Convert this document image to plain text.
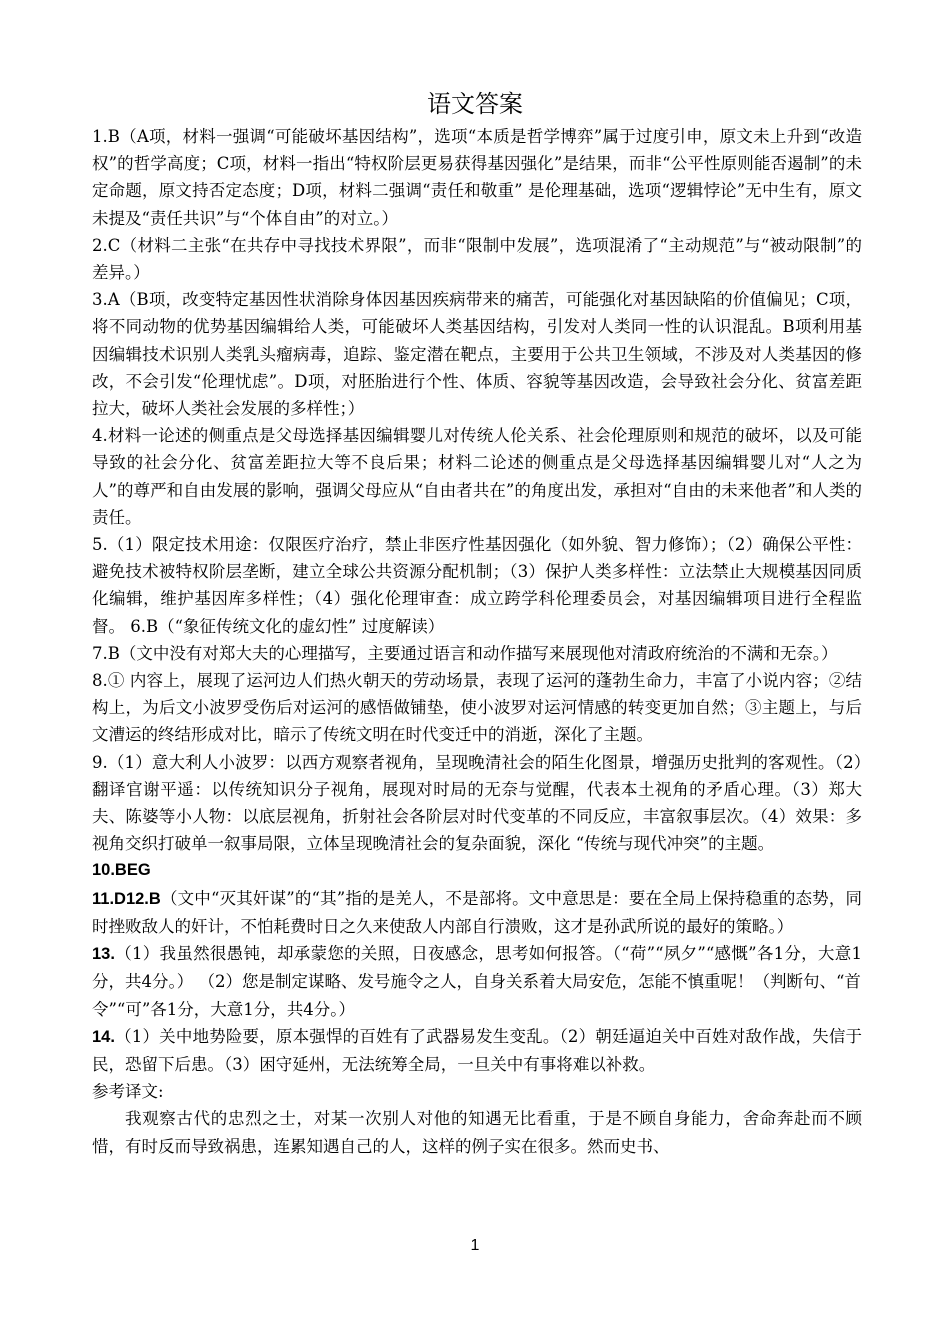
语文答案

1.B（A项，材料一强调“可能破坏基因结构”，选项“本质是哲学博弈”属于过度引申，原文未上升到“改造权”的哲学高度；C项，材料一指出“特权阶层更易获得基因强化”是结果，而非“公平性原则能否遏制”的未定命题，原文持否定态度；D项，材料二强调“责任和敬重” 是伦理基础，选项“逻辑悖论”无中生有，原文未提及“责任共识”与“个体自由”的对立。）

2.C（材料二主张“在共存中寻找技术界限”，而非“限制中发展”，选项混淆了“主动规范”与“被动限制”的差异。）

3.A（B项，改变特定基因性状消除身体因基因疾病带来的痛苦，可能强化对基因缺陷的价值偏见；C项，将不同动物的优势基因编辑给人类，可能破坏人类基因结构，引发对人类同一性的认识混乱。B项利用基因编辑技术识别人类乳头瘤病毒，追踪、鉴定潜在靶点，主要用于公共卫生领域，不涉及对人类基因的修改，不会引发“伦理忧虑”。D项，对胚胎进行个性、体质、容貌等基因改造，会导致社会分化、贫富差距拉大，破坏人类社会发展的多样性；）

4.材料一论述的侧重点是父母选择基因编辑婴儿对传统人伦关系、社会伦理原则和规范的破坏，以及可能导致的社会分化、贫富差距拉大等不良后果；材料二论述的侧重点是父母选择基因编辑婴儿对“人之为人”的尊严和自由发展的影响，强调父母应从“自由者共在”的角度出发，承担对“自由的未来他者”和人类的责任。

5.（1）限定技术用途：仅限医疗治疗，禁止非医疗性基因强化（如外貌、智力修饰）；（2）确保公平性：避免技术被特权阶层垄断，建立全球公共资源分配机制；（3）保护人类多样性：立法禁止大规模基因同质化编辑，维护基因库多样性；（4）强化伦理审查：成立跨学科伦理委员会，对基因编辑项目进行全程监督。 6.B（“象征传统文化的虚幻性” 过度解读）

7.B（文中没有对郑大夫的心理描写，主要通过语言和动作描写来展现他对清政府统治的不满和无奈。）

8.① 内容上，展现了运河边人们热火朝天的劳动场景，表现了运河的蓬勃生命力，丰富了小说内容；②结构上，为后文小波罗受伤后对运河的感悟做铺垫，使小波罗对运河情感的转变更加自然；③主题上，与后文漕运的终结形成对比，暗示了传统文明在时代变迁中的消逝，深化了主题。

9.（1）意大利人小波罗：以西方观察者视角，呈现晚清社会的陌生化图景，增强历史批判的客观性。（2）翻译官谢平遥：以传统知识分子视角，展现对时局的无奈与觉醒，代表本土视角的矛盾心理。（3）郑大夫、陈婆等小人物：以底层视角，折射社会各阶层对时代变革的不同反应，丰富叙事层次。（4）效果：多视角交织打破单一叙事局限，立体呈现晚清社会的复杂面貌，深化 “传统与现代冲突”的主题。

10.BEG

11.D12.B（文中“灭其奸谋”的“其”指的是羌人，不是部将。文中意思是：要在全局上保持稳重的态势，同时挫败敌人的奸计，不怕耗费时日之久来使敌人内部自行溃败，这才是孙武所说的最好的策略。）

13.（1）我虽然很愚钝，却承蒙您的关照，日夜感念，思考如何报答。（“荷”“夙夕”“感慨”各1分，大意1分，共4分。） （2）您是制定谋略、发号施令之人，自身关系着大局安危，怎能不慎重呢！（判断句、“首

令”“可”各1分，大意1分，共4分。）

14.（1）关中地势险要，原本强悍的百姓有了武器易发生变乱。（2）朝廷逼迫关中百姓对敌作战，失信于民，恐留下后患。（3）困守延州，无法统筹全局，一旦关中有事将难以补救。

参考译文:

我观察古代的忠烈之士，对某一次别人对他的知遇无比看重，于是不顾自身能力，舍命奔赴而不顾惜，有时反而导致祸患，连累知遇自己的人，这样的例子实在很多。然而史书、

1
